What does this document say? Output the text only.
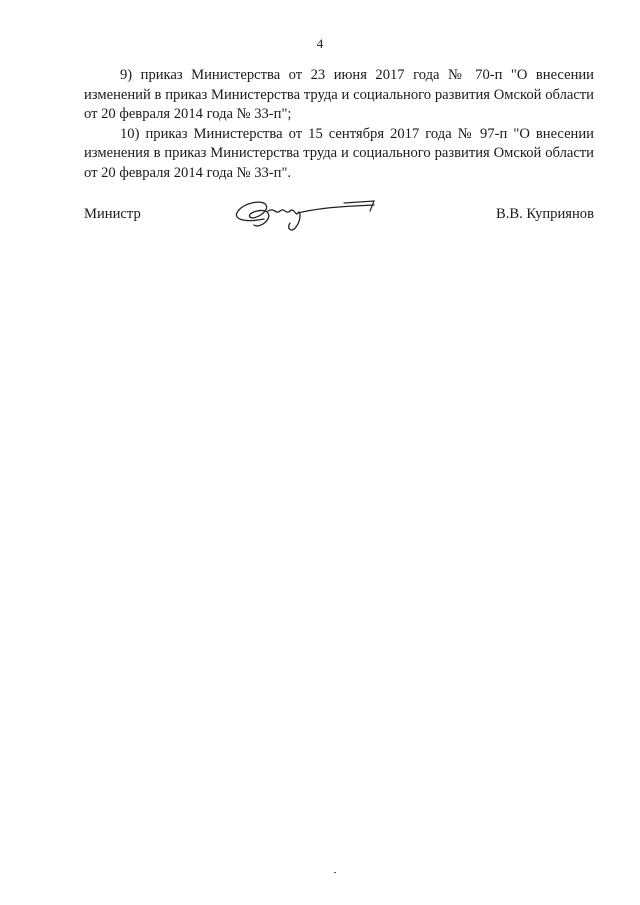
4

9) приказ Министерства от 23 июня 2017 года № 70-п "О внесении изменений в приказ Министерства труда и социального развития Омской области от 20 февраля 2014 года № 33-п";

10) приказ Министерства от 15 сентября 2017 года № 97-п "О внесении изменения в приказ Министерства труда и социального развития Омской области от 20 февраля 2014 года № 33-п".

Министр	В.В. Куприянов
